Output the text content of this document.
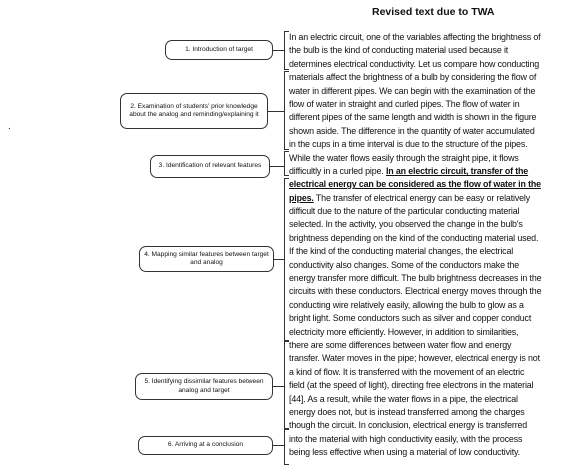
Revised text due to TWA
.
1. Introduction of target
2. Examination of students' prior knowledge about the analog and reminding/explaining it
3. Identification of relevant features
4. Mapping similar features between target and analog
5. Identifying dissimilar features between analog and target
6. Arriving at a conclusion
In an electric circuit, one of the variables affecting the brightness of
the bulb is the kind of conducting material used because it
determines electrical conductivity. Let us compare how conducting
materials affect the brightness of a bulb by considering the flow of
water in different pipes. We can begin with the examination of the
flow of water in straight and curled pipes. The flow of water in
different pipes of the same length and width is shown in the figure
shown aside. The difference in the quantity of water accumulated
in the cups in a time interval is due to the structure of the pipes.
While the water flows easily through the straight pipe, it flows
difficultly in a curled pipe. In an electric circuit, transfer of the
electrical energy can be considered as the flow of water in the
pipes. The transfer of electrical energy can be easy or relatively
difficult due to the nature of the particular conducting material
selected. In the activity, you observed the change in the bulb's
brightness depending on the kind of the conducting material used.
If the kind of the conducting material changes, the electrical
conductivity also changes. Some of the conductors make the
energy transfer more difficult. The bulb brightness decreases in the
circuits with these conductors. Electrical energy moves through the
conducting wire relatively easily, allowing the bulb to glow as a
bright light. Some conductors such as silver and copper conduct
electricity more efficiently. However, in addition to similarities,
there are some differences between water flow and energy
transfer. Water moves in the pipe; however, electrical energy is not
a kind of flow. It is transferred with the movement of an electric
field (at the speed of light), directing free electrons in the material
[44]. As a result, while the water flows in a pipe, the electrical
energy does not, but is instead transferred among the charges
though the circuit. In conclusion, electrical energy is transferred
into the material with high conductivity easily, with the process
being less effective when using a material of low conductivity.
